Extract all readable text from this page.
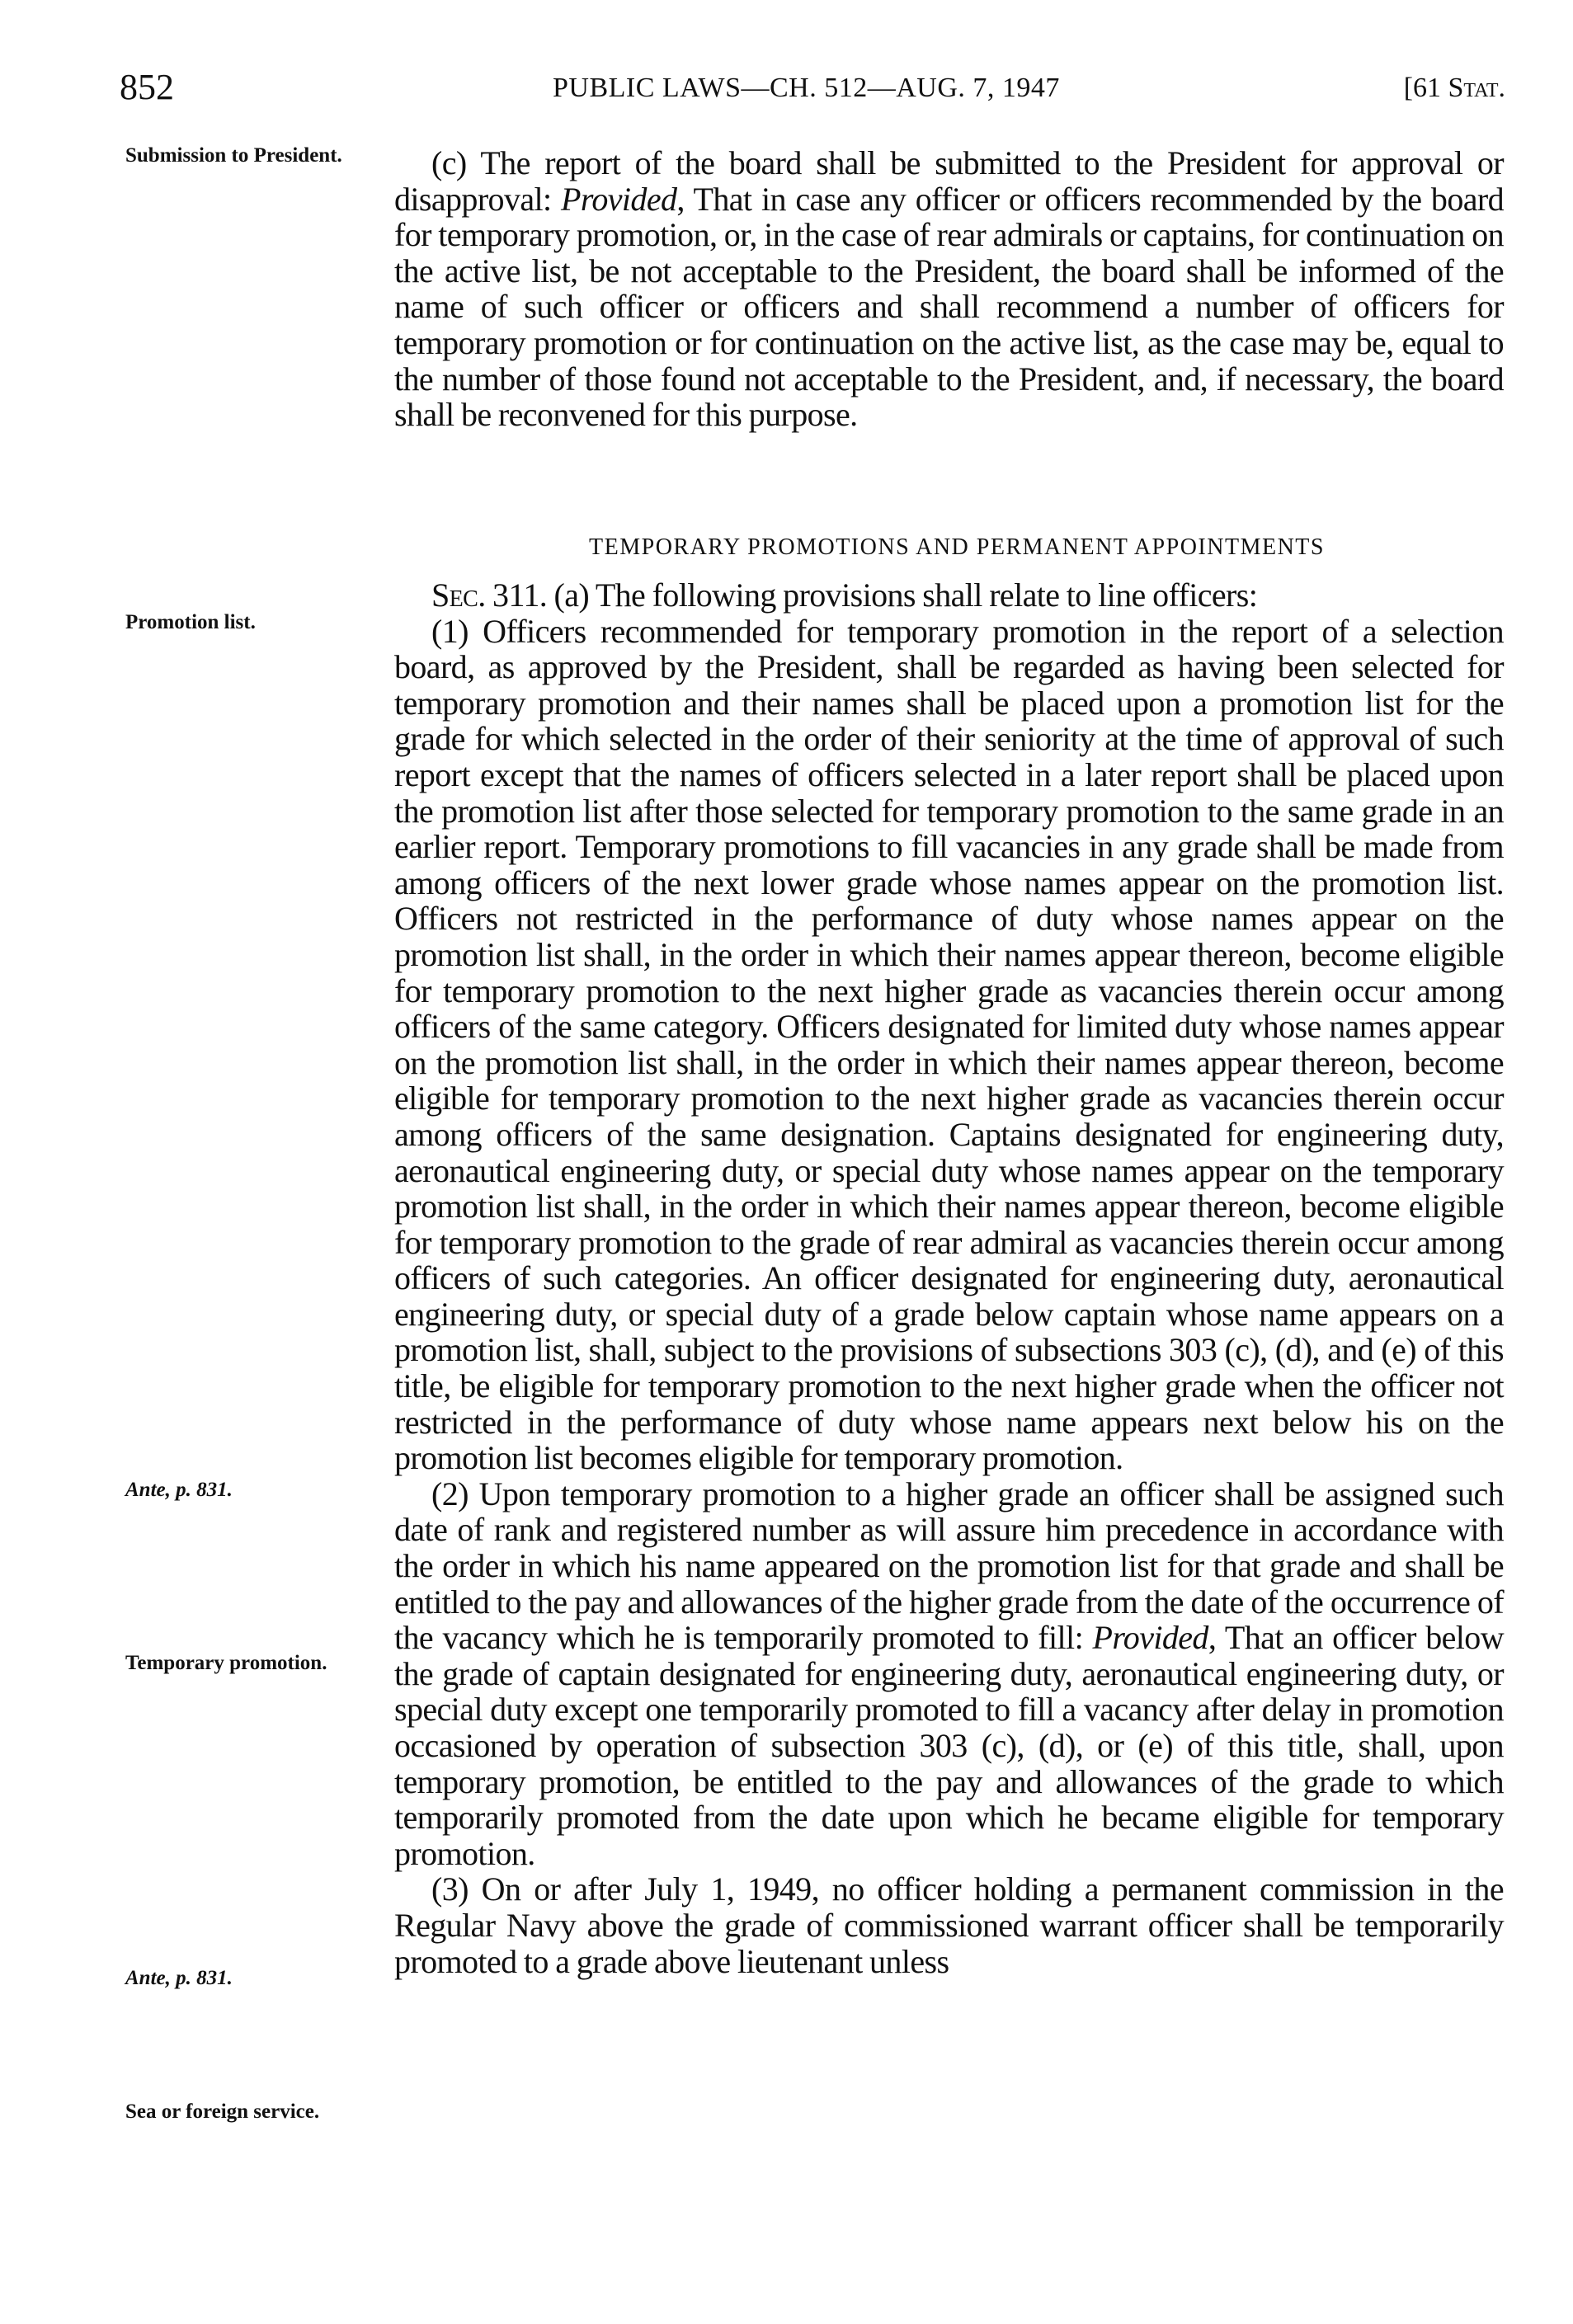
852	PUBLIC LAWS—CH. 512—AUG. 7, 1947	[61 Stat.
Submission to President.
Promotion list.
Ante, p. 831.
Temporary promotion.
Ante, p. 831.
Sea or foreign service.

(c) The report of the board shall be submitted to the President for approval or disapproval: Provided, That in case any officer or officers recommended by the board for temporary promotion, or, in the case of rear admirals or captains, for continuation on the active list, be not acceptable to the President, the board shall be informed of the name of such officer or officers and shall recommend a number of officers for temporary promotion or for continuation on the active list, as the case may be, equal to the number of those found not acceptable to the President, and, if necessary, the board shall be reconvened for this purpose.

TEMPORARY PROMOTIONS AND PERMANENT APPOINTMENTS

Sec. 311. (a) The following provisions shall relate to line officers:

(1) Officers recommended for temporary promotion in the report of a selection board, as approved by the President, shall be regarded as having been selected for temporary promotion and their names shall be placed upon a promotion list for the grade for which selected in the order of their seniority at the time of approval of such report except that the names of officers selected in a later report shall be placed upon the promotion list after those selected for temporary promotion to the same grade in an earlier report. Temporary promotions to fill vacancies in any grade shall be made from among officers of the next lower grade whose names appear on the promotion list. Officers not restricted in the performance of duty whose names appear on the promotion list shall, in the order in which their names appear thereon, become eligible for temporary promotion to the next higher grade as vacancies therein occur among officers of the same category. Officers designated for limited duty whose names appear on the promotion list shall, in the order in which their names appear thereon, become eligible for temporary promotion to the next higher grade as vacancies therein occur among officers of the same designation. Captains designated for engineering duty, aeronautical engineering duty, or special duty whose names appear on the temporary promotion list shall, in the order in which their names appear thereon, become eligible for temporary promotion to the grade of rear admiral as vacancies therein occur among officers of such categories. An officer designated for engineering duty, aeronautical engineering duty, or special duty of a grade below captain whose name appears on a promotion list, shall, subject to the provisions of subsections 303 (c), (d), and (e) of this title, be eligible for temporary promotion to the next higher grade when the officer not restricted in the performance of duty whose name appears next below his on the promotion list becomes eligible for temporary promotion.

(2) Upon temporary promotion to a higher grade an officer shall be assigned such date of rank and registered number as will assure him precedence in accordance with the order in which his name appeared on the promotion list for that grade and shall be entitled to the pay and allowances of the higher grade from the date of the occurrence of the vacancy which he is temporarily promoted to fill: Provided, That an officer below the grade of captain designated for engineering duty, aeronautical engineering duty, or special duty except one temporarily promoted to fill a vacancy after delay in promotion occasioned by operation of subsection 303 (c), (d), or (e) of this title, shall, upon temporary promotion, be entitled to the pay and allowances of the grade to which temporarily promoted from the date upon which he became eligible for temporary promotion.

(3) On or after July 1, 1949, no officer holding a permanent commission in the Regular Navy above the grade of commissioned warrant officer shall be temporarily promoted to a grade above lieutenant unless
